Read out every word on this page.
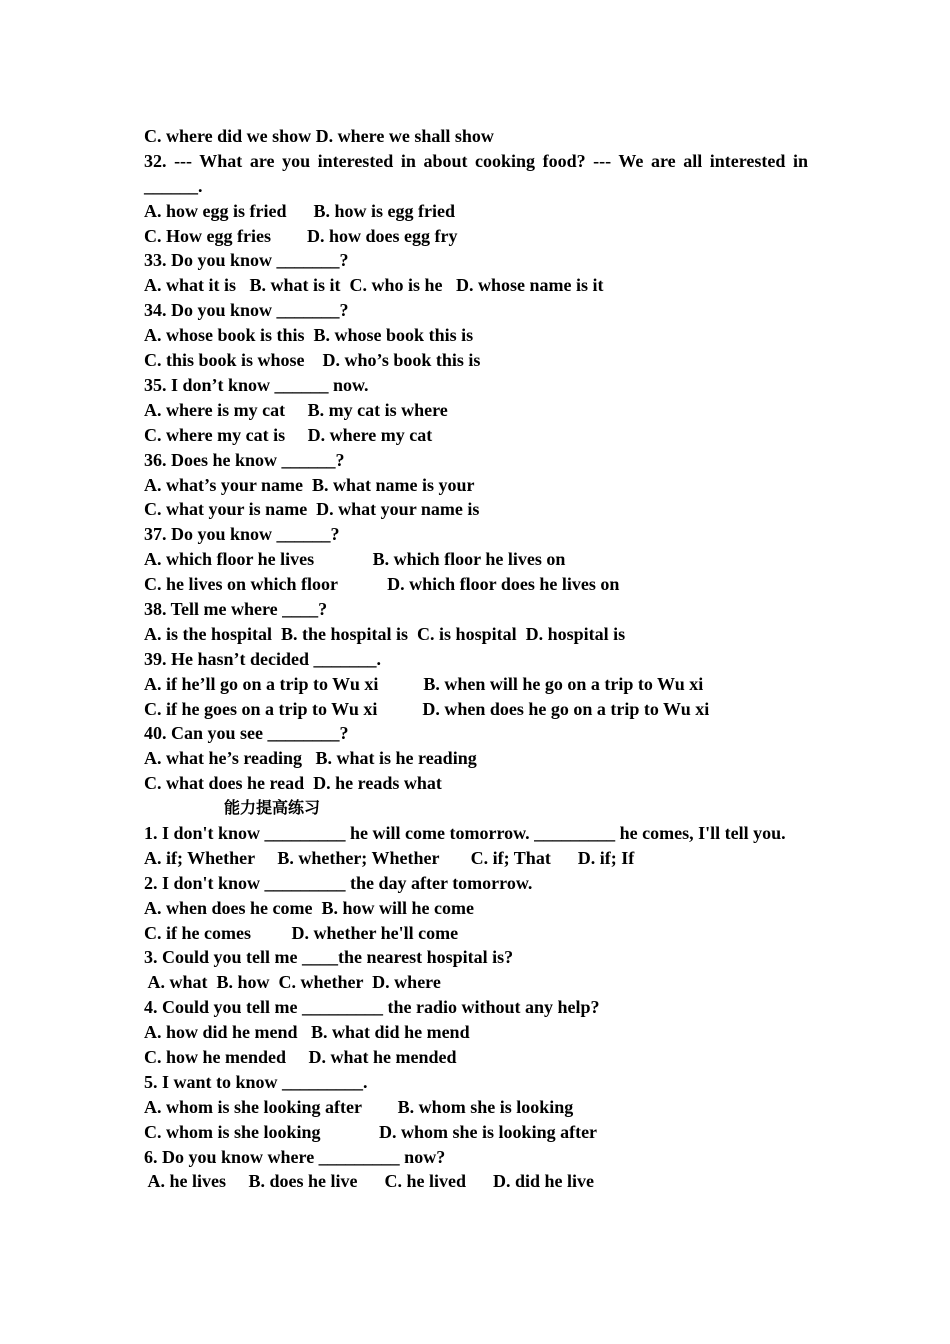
C. where did we show D. where we shall show
32. --- What are you interested in about cooking food? --- We are all interested in ______.
A. how egg is fried      B. how is egg fried
C. How egg fries        D. how does egg fry
33. Do you know _______?
A. what it is   B. what is it  C. who is he   D. whose name is it
34. Do you know _______?
A. whose book is this  B. whose book this is
C. this book is whose    D. who’s book this is
35. I don’t know ______ now.
A. where is my cat     B. my cat is where
C. where my cat is     D. where my cat
36. Does he know ______?
A. what’s your name  B. what name is your
C. what your is name  D. what your name is
37. Do you know ______?
A. which floor he lives             B. which floor he lives on
C. he lives on which floor           D. which floor does he lives on
38. Tell me where ____?
A. is the hospital  B. the hospital is  C. is hospital  D. hospital is
39. He hasn’t decided _______.
A. if he’ll go on a trip to Wu xi          B. when will he go on a trip to Wu xi
C. if he goes on a trip to Wu xi          D. when does he go on a trip to Wu xi
40. Can you see ________?
A. what he’s reading   B. what is he reading
C. what does he read  D. he reads what
能力提高练习
1. I don't know _________ he will come tomorrow. _________ he comes, I'll tell you.
A. if; Whether     B. whether; Whether       C. if; That      D. if; If
2. I don't know _________ the day after tomorrow.
A. when does he come  B. how will he come
C. if he comes         D. whether he'll come
3. Could you tell me ____the nearest hospital is?
A. what  B. how  C. whether  D. where
4. Could you tell me _________ the radio without any help?
A. how did he mend   B. what did he mend
C. how he mended     D. what he mended
5. I want to know _________.
A. whom is she looking after        B. whom she is looking
C. whom is she looking             D. whom she is looking after
6. Do you know where _________ now?
A. he lives     B. does he live      C. he lived      D. did he live
